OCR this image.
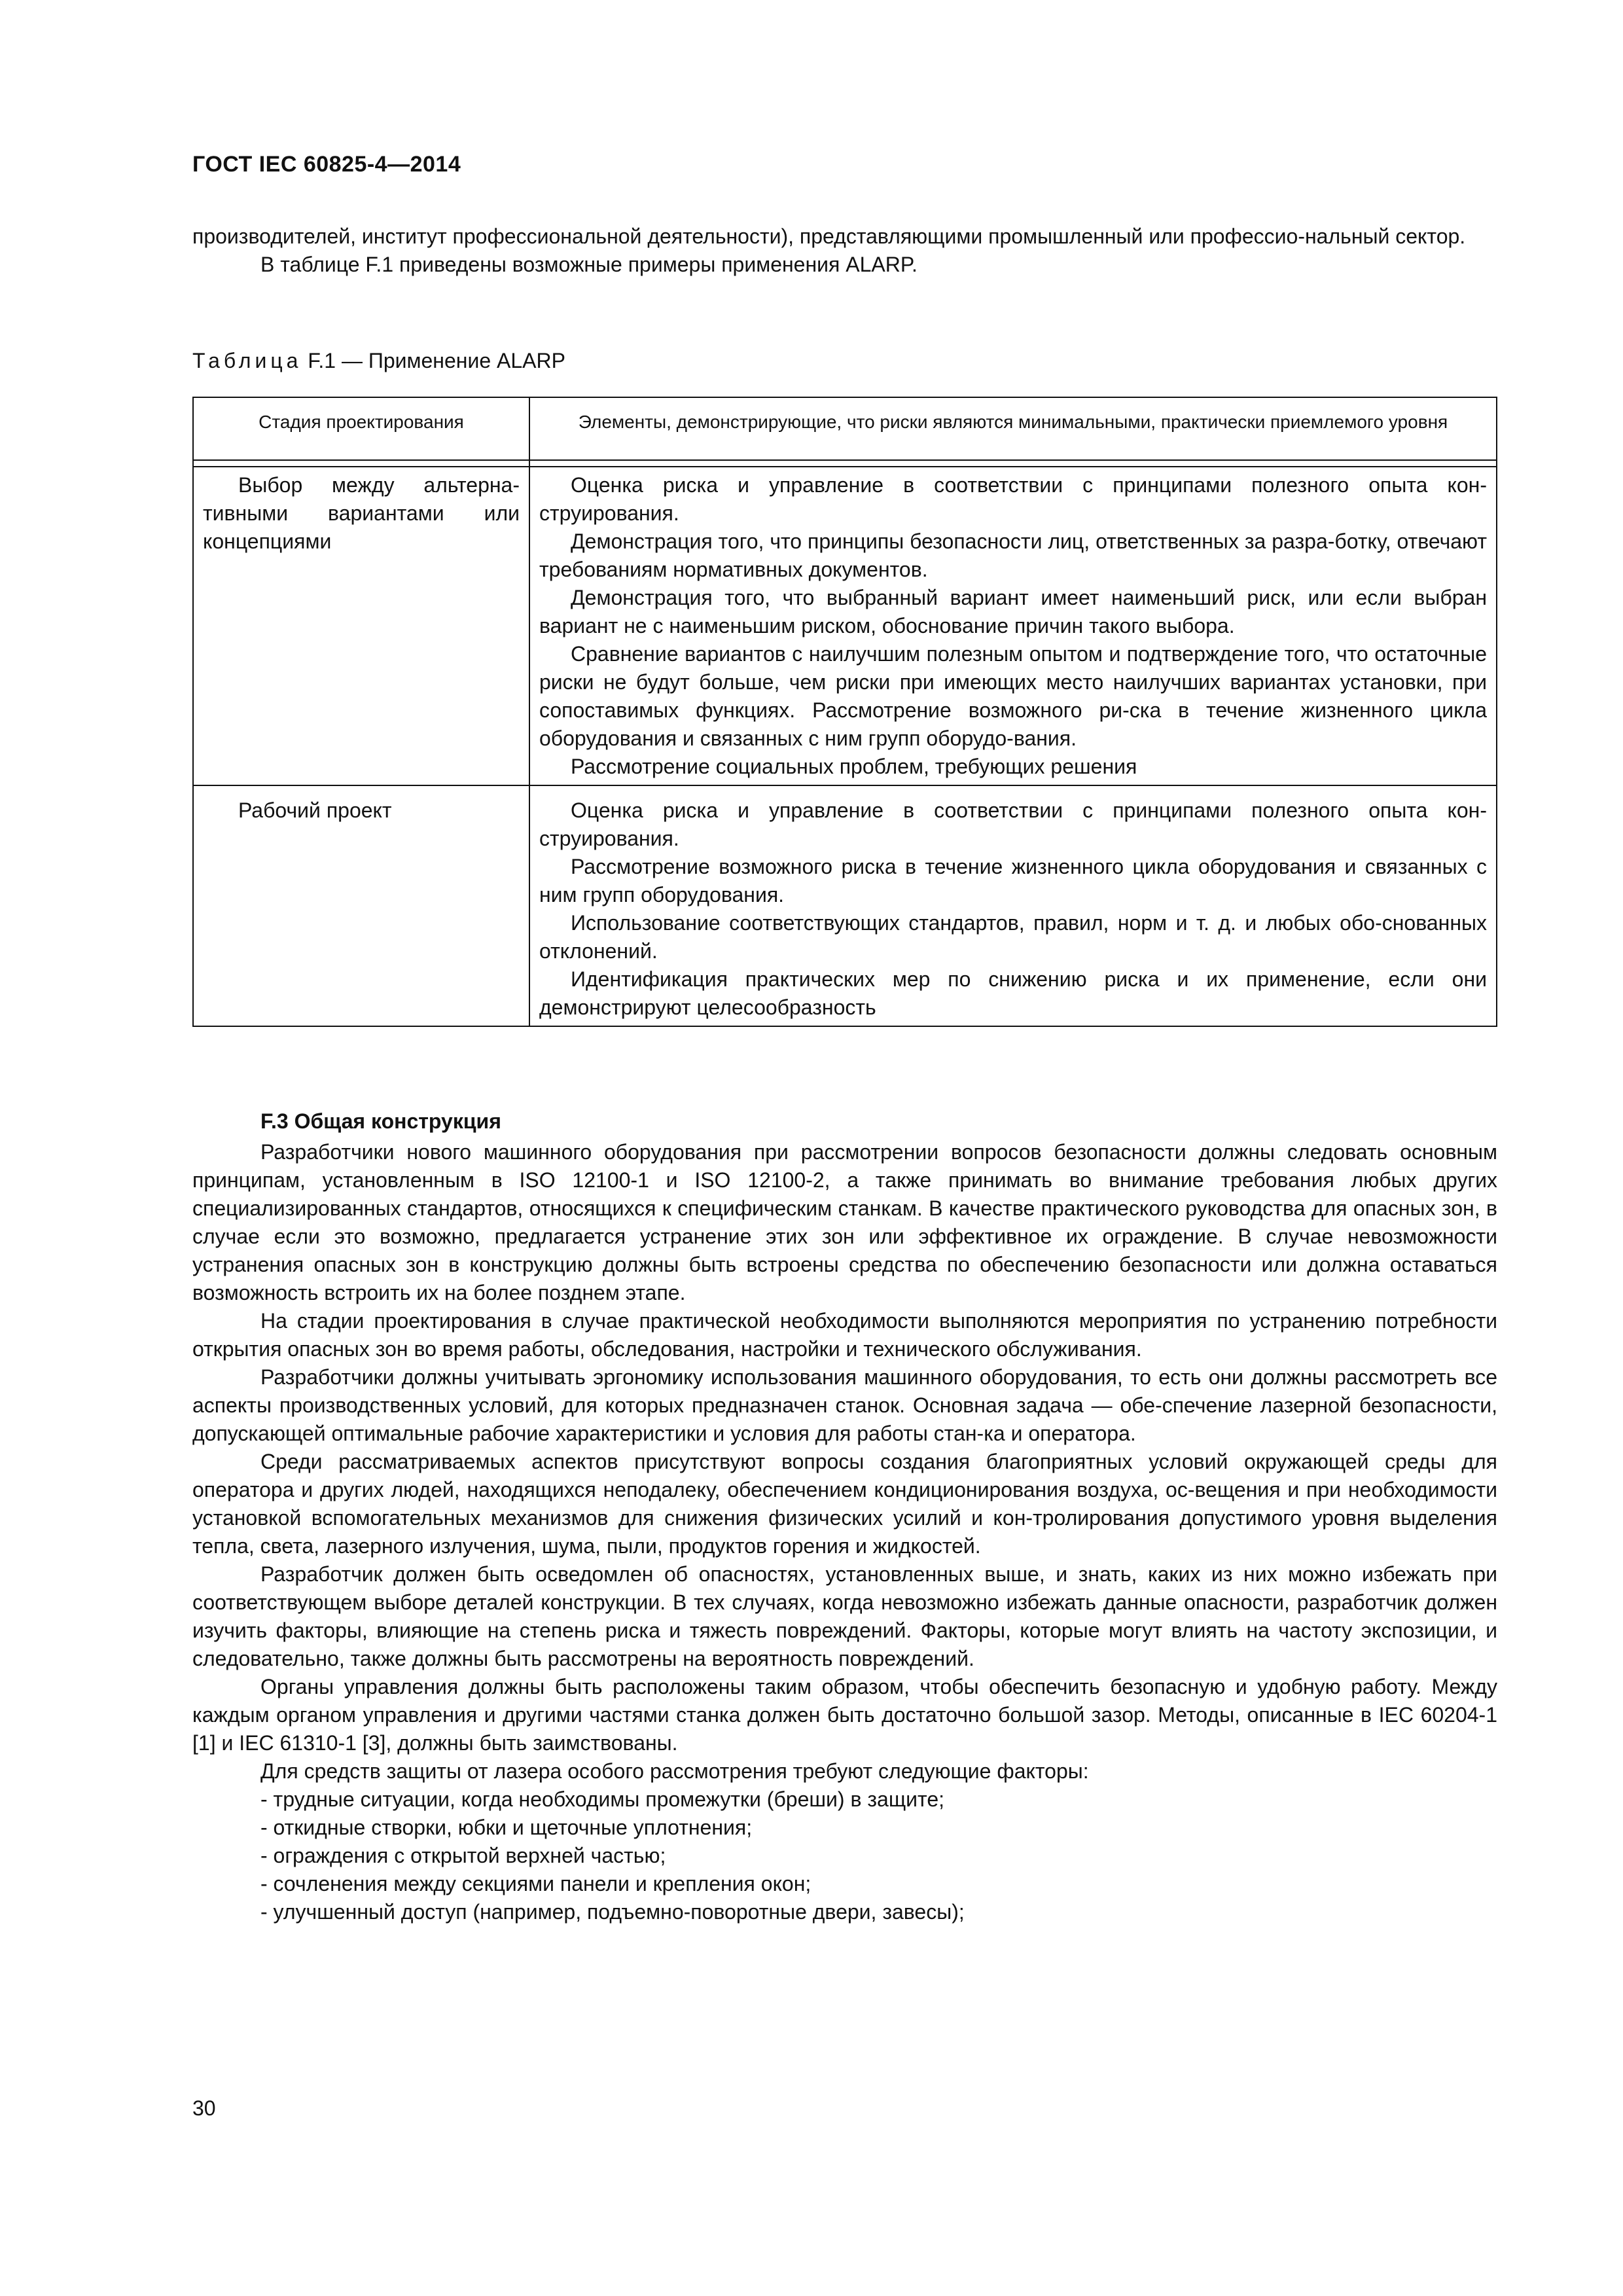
ГОСТ IEC 60825-4—2014

производителей, институт профессиональной деятельности), представляющими промышленный или профессио-нальный сектор.

В таблице F.1 приведены возможные примеры применения ALARP.

Таблица F.1 — Применение ALARP
Стадия проектирования	Элементы, демонстрирующие, что риски являются минимальными, практически приемлемого уровня

Выбор между альтерна-тивными вариантами или концепциями	Оценка риска и управление в соответствии с принципами полезного опыта кон-струирования.

Демонстрация того, что принципы безопасности лиц, ответственных за разра-ботку, отвечают требованиям нормативных документов.

Демонстрация того, что выбранный вариант имеет наименьший риск, или если выбран вариант не с наименьшим риском, обоснование причин такого выбора.

Сравнение вариантов с наилучшим полезным опытом и подтверждение того, что остаточные риски не будут больше, чем риски при имеющих место наилучших вариантах установки, при сопоставимых функциях. Рассмотрение возможного ри-ска в течение жизненного цикла оборудования и связанных с ним групп оборудо-вания.

Рассмотрение социальных проблем, требующих решения

Рабочий проект	Оценка риска и управление в соответствии с принципами полезного опыта кон-струирования.

Рассмотрение возможного риска в течение жизненного цикла оборудования и связанных с ним групп оборудования.

Использование соответствующих стандартов, правил, норм и т. д. и любых обо-снованных отклонений.

Идентификация практических мер по снижению риска и их применение, если они демонстрируют целесообразность

F.3 Общая конструкция

Разработчики нового машинного оборудования при рассмотрении вопросов безопасности должны следовать основным принципам, установленным в ISO 12100-1 и ISO 12100-2, а также принимать во внимание требования любых других специализированных стандартов, относящихся к специфическим станкам. В качестве практического руководства для опасных зон, в случае если это возможно, предлагается устранение этих зон или эффективное их ограждение. В случае невозможности устранения опасных зон в конструкцию должны быть встроены средства по обеспечению безопасности или должна оставаться возможность встроить их на более позднем этапе.

На стадии проектирования в случае практической необходимости выполняются мероприятия по устранению потребности открытия опасных зон во время работы, обследования, настройки и технического обслуживания.

Разработчики должны учитывать эргономику использования машинного оборудования, то есть они должны рассмотреть все аспекты производственных условий, для которых предназначен станок. Основная задача — обе-спечение лазерной безопасности, допускающей оптимальные рабочие характеристики и условия для работы стан-ка и оператора.

Среди рассматриваемых аспектов присутствуют вопросы создания благоприятных условий окружающей среды для оператора и других людей, находящихся неподалеку, обеспечением кондиционирования воздуха, ос-вещения и при необходимости установкой вспомогательных механизмов для снижения физических усилий и кон-тролирования допустимого уровня выделения тепла, света, лазерного излучения, шума, пыли, продуктов горения и жидкостей.

Разработчик должен быть осведомлен об опасностях, установленных выше, и знать, каких из них можно избежать при соответствующем выборе деталей конструкции. В тех случаях, когда невозможно избежать данные опасности, разработчик должен изучить факторы, влияющие на степень риска и тяжесть повреждений. Факторы, которые могут влиять на частоту экспозиции, и следовательно, также должны быть рассмотрены на вероятность повреждений.

Органы управления должны быть расположены таким образом, чтобы обеспечить безопасную и удобную работу. Между каждым органом управления и другими частями станка должен быть достаточно большой зазор. Методы, описанные в IEC 60204-1 [1] и IEC 61310-1 [3], должны быть заимствованы.

Для средств защиты от лазера особого рассмотрения требуют следующие факторы:

- трудные ситуации, когда необходимы промежутки (бреши) в защите;
- откидные створки, юбки и щеточные уплотнения;
- ограждения с открытой верхней частью;
- сочленения между секциями панели и крепления окон;
- улучшенный доступ (например, подъемно-поворотные двери, завесы);
30
